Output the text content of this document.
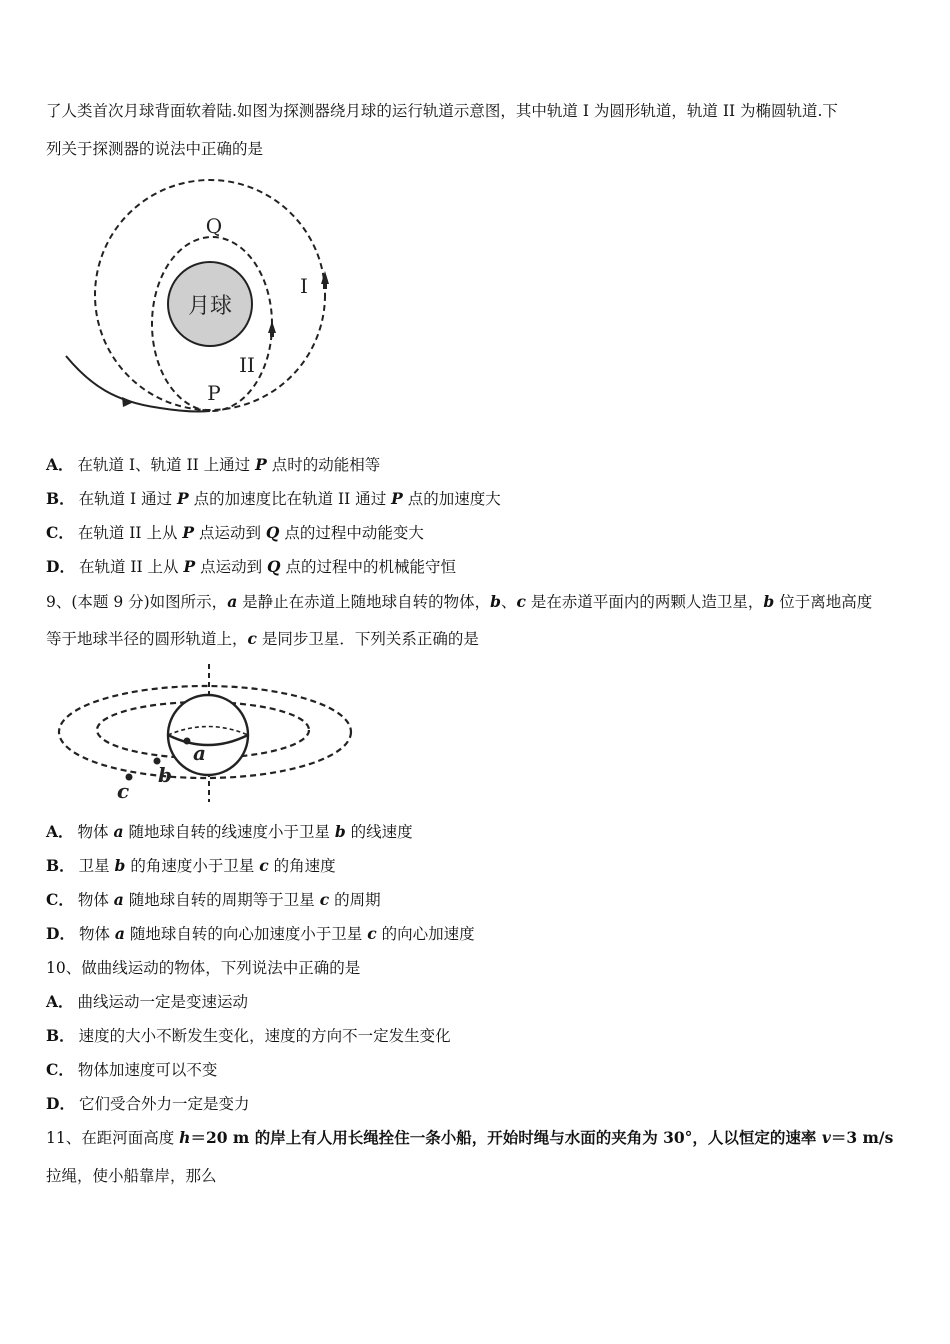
了人类首次月球背面软着陆.如图为探测器绕月球的运行轨道示意图，其中轨道 I 为圆形轨道，轨道 II 为椭圆轨道.下
列关于探测器的说法中正确的是
月球
Q
I
II
P
A． 在轨道 I、轨道 II 上通过 P 点时的动能相等
B． 在轨道 I 通过 P 点的加速度比在轨道 II 通过 P 点的加速度大
C． 在轨道 II 上从 P 点运动到 Q 点的过程中动能变大
D． 在轨道 II 上从 P 点运动到 Q 点的过程中的机械能守恒
9、(本题 9 分)如图所示，a 是静止在赤道上随地球自转的物体，b、c 是在赤道平面内的两颗人造卫星，b 位于离地高度
等于地球半径的圆形轨道上，c 是同步卫星．下列关系正确的是
a
b
c
A． 物体 a 随地球自转的线速度小于卫星 b 的线速度
B． 卫星 b 的角速度小于卫星 c 的角速度
C． 物体 a 随地球自转的周期等于卫星 c 的周期
D． 物体 a 随地球自转的向心加速度小于卫星 c 的向心加速度
10、做曲线运动的物体，下列说法中正确的是
A． 曲线运动一定是变速运动
B． 速度的大小不断发生变化，速度的方向不一定发生变化
C． 物体加速度可以不变
D． 它们受合外力一定是变力
11、在距河面高度 h＝20 m 的岸上有人用长绳拴住一条小船，开始时绳与水面的夹角为 30°，人以恒定的速率 v＝3 m/s
拉绳，使小船靠岸，那么
